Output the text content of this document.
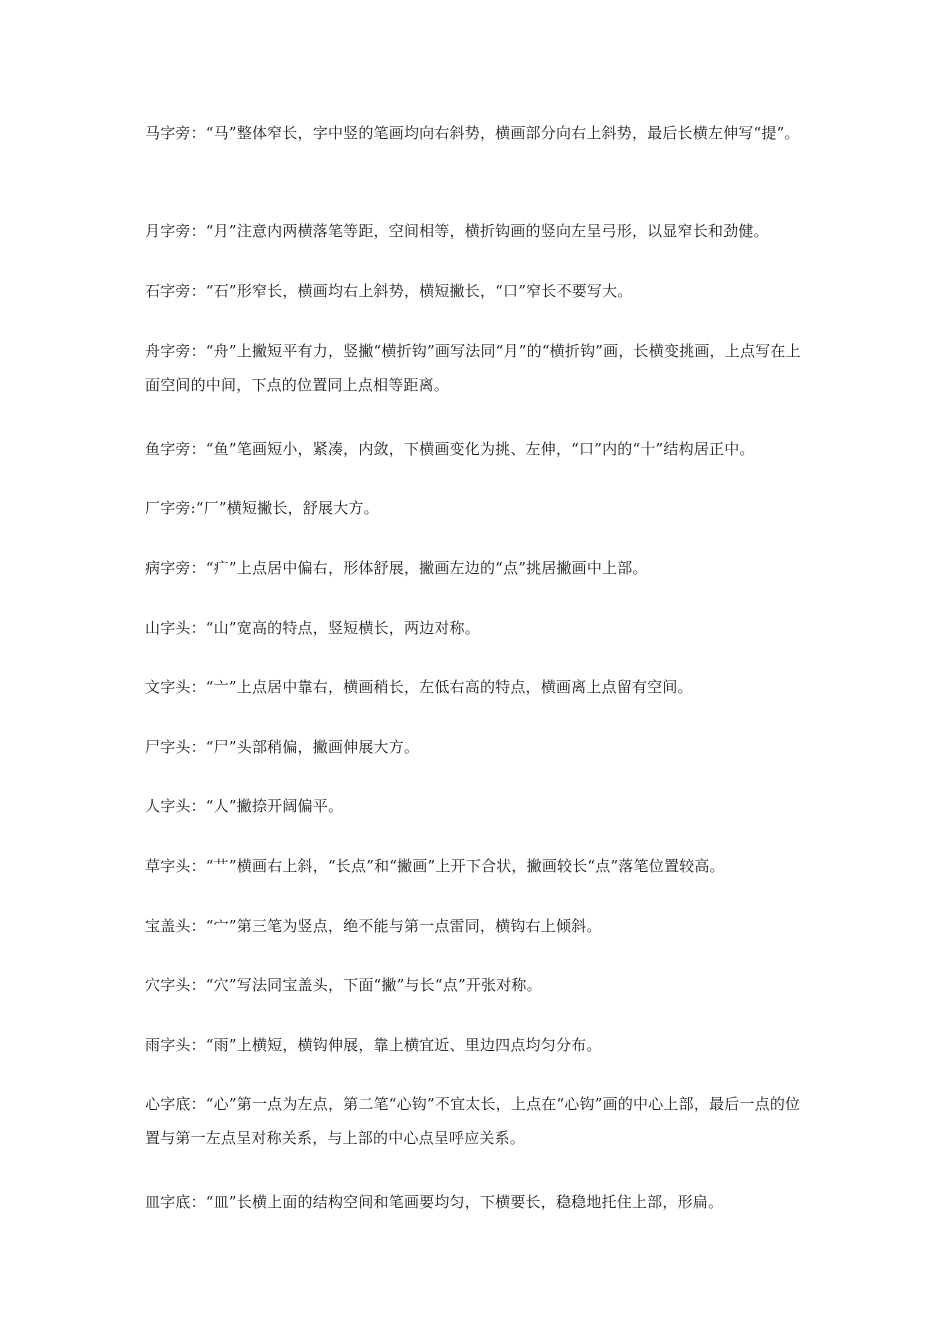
马字旁：“马”整体窄长，字中竖的笔画均向右斜势，横画部分向右上斜势，最后长横左伸写“提”。

月字旁：“月”注意内两横落笔等距，空间相等，横折钩画的竖向左呈弓形，以显窄长和劲健。

石字旁：“石”形窄长，横画均右上斜势，横短撇长，“口”窄长不要写大。

舟字旁：“舟”上撇短平有力，竖撇“横折钩”画写法同“月”的“横折钩”画，长横变挑画，上点写在上面空间的中间，下点的位置同上点相等距离。

鱼字旁：“鱼”笔画短小，紧凑，内敛，下横画变化为挑、左伸，“口”内的“十”结构居正中。

厂字旁:“厂”横短撇长，舒展大方。

病字旁：“疒”上点居中偏右，形体舒展，撇画左边的“点”挑居撇画中上部。

山字头：“山”宽高的特点，竖短横长，两边对称。

文字头：“亠”上点居中靠右，横画稍长，左低右高的特点，横画离上点留有空间。

尸字头：“尸”头部稍偏，撇画伸展大方。

人字头：“人”撇捺开阔偏平。

草字头：“艹”横画右上斜，“长点”和“撇画”上开下合状，撇画较长“点”落笔位置较高。

宝盖头：“宀”第三笔为竖点，绝不能与第一点雷同，横钩右上倾斜。

穴字头：“穴”写法同宝盖头，下面“撇”与长“点”开张对称。

雨字头：“雨”上横短，横钩伸展，靠上横宜近、里边四点均匀分布。

心字底：“心”第一点为左点，第二笔“心钩”不宜太长，上点在“心钩”画的中心上部，最后一点的位置与第一左点呈对称关系，与上部的中心点呈呼应关系。

皿字底：“皿”长横上面的结构空间和笔画要均匀，下横要长，稳稳地托住上部，形扁。
